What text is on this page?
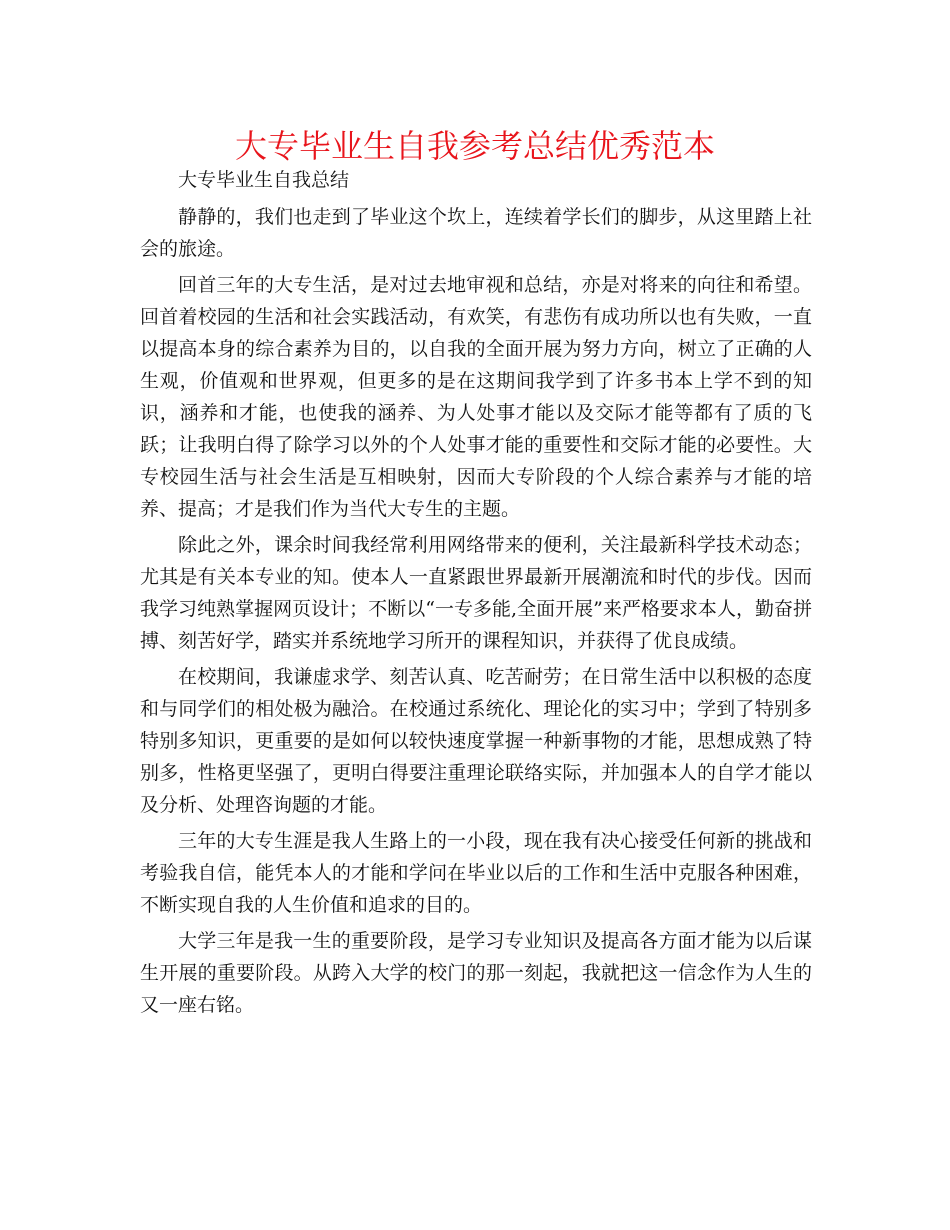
大专毕业生自我参考总结优秀范本

大专毕业生自我总结

静静的，我们也走到了毕业这个坎上，连续着学长们的脚步，从这里踏上社会的旅途。

回首三年的大专生活，是对过去地审视和总结，亦是对将来的向往和希望。回首着校园的生活和社会实践活动，有欢笑，有悲伤有成功所以也有失败，一直以提高本身的综合素养为目的，以自我的全面开展为努力方向，树立了正确的人生观，价值观和世界观，但更多的是在这期间我学到了许多书本上学不到的知识，涵养和才能，也使我的涵养、为人处事才能以及交际才能等都有了质的飞跃；让我明白得了除学习以外的个人处事才能的重要性和交际才能的必要性。大专校园生活与社会生活是互相映射，因而大专阶段的个人综合素养与才能的培养、提高；才是我们作为当代大专生的主题。

除此之外，课余时间我经常利用网络带来的便利，关注最新科学技术动态；尤其是有关本专业的知。使本人一直紧跟世界最新开展潮流和时代的步伐。因而我学习纯熟掌握网页设计；不断以“一专多能,全面开展”来严格要求本人，勤奋拼搏、刻苦好学，踏实并系统地学习所开的课程知识，并获得了优良成绩。

在校期间，我谦虚求学、刻苦认真、吃苦耐劳；在日常生活中以积极的态度和与同学们的相处极为融洽。在校通过系统化、理论化的实习中；学到了特别多特别多知识，更重要的是如何以较快速度掌握一种新事物的才能，思想成熟了特别多，性格更坚强了，更明白得要注重理论联络实际，并加强本人的自学才能以及分析、处理咨询题的才能。

三年的大专生涯是我人生路上的一小段，现在我有决心接受任何新的挑战和考验我自信，能凭本人的才能和学问在毕业以后的工作和生活中克服各种困难，不断实现自我的人生价值和追求的目的。

大学三年是我一生的重要阶段，是学习专业知识及提高各方面才能为以后谋生开展的重要阶段。从跨入大学的校门的那一刻起，我就把这一信念作为人生的又一座右铭。
